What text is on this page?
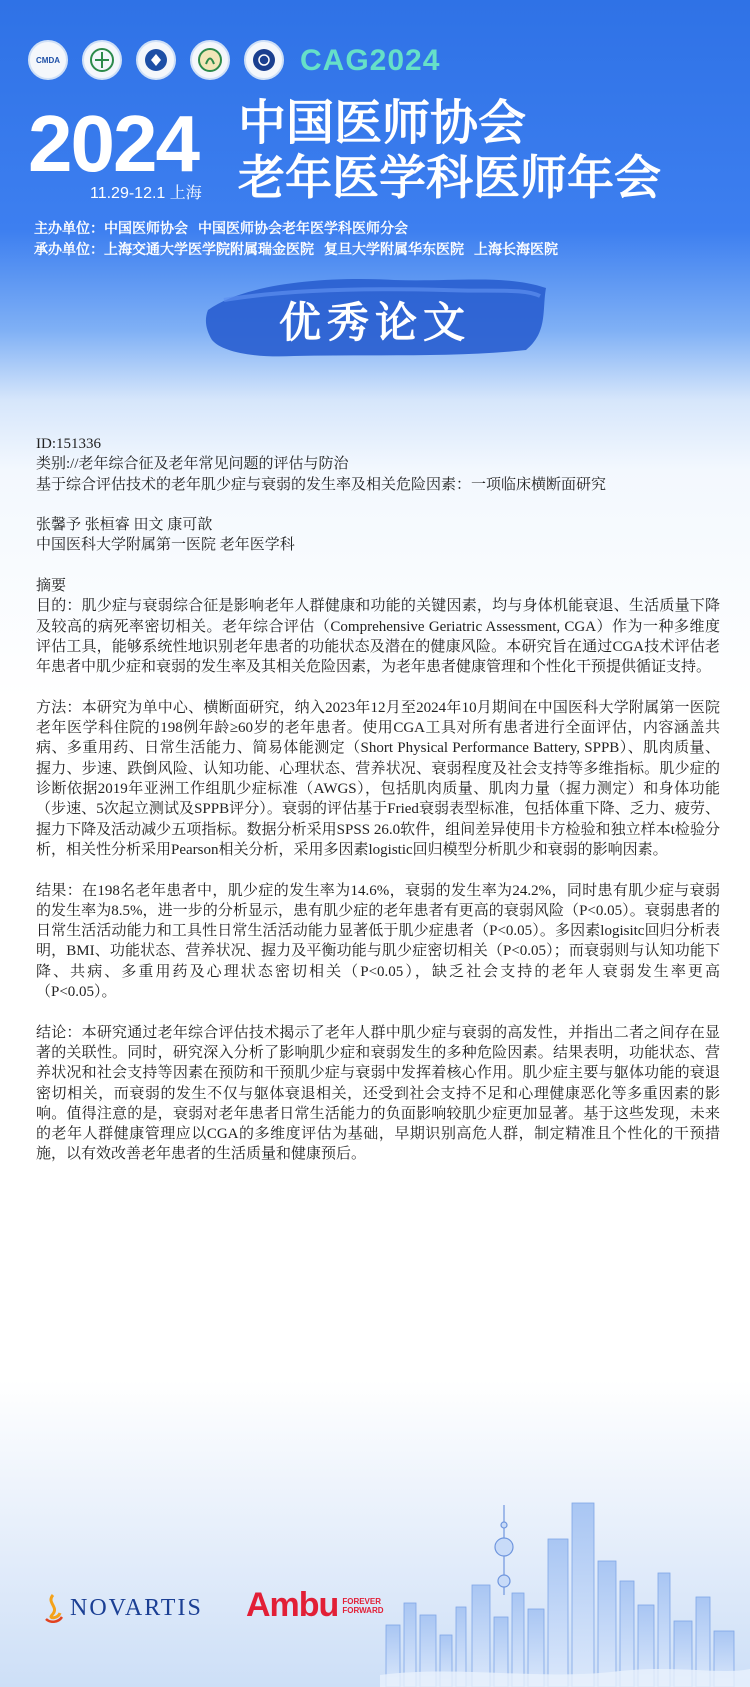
CMDA	CAG2024
2024
11.29-12.1 上海
中国医师协会
老年医学科医师年会
主办单位：中国医师协会 中国医师协会老年医学科医师分会
承办单位：上海交通大学医学院附属瑞金医院 复旦大学附属华东医院 上海长海医院
优秀论文

ID:151336

类别://老年综合征及老年常见问题的评估与防治

基于综合评估技术的老年肌少症与衰弱的发生率及相关危险因素：一项临床横断面研究

张馨予 张桓睿 田文 康可歆

中国医科大学附属第一医院 老年医学科

摘要

目的：肌少症与衰弱综合征是影响老年人群健康和功能的关键因素，均与身体机能衰退、生活质量下降及较高的病死率密切相关。老年综合评估（Comprehensive Geriatric Assessment, CGA）作为一种多维度评估工具，能够系统性地识别老年患者的功能状态及潜在的健康风险。本研究旨在通过CGA技术评估老年患者中肌少症和衰弱的发生率及其相关危险因素，为老年患者健康管理和个性化干预提供循证支持。

方法：本研究为单中心、横断面研究，纳入2023年12月至2024年10月期间在中国医科大学附属第一医院老年医学科住院的198例年龄≥60岁的老年患者。使用CGA工具对所有患者进行全面评估，内容涵盖共病、多重用药、日常生活能力、简易体能测定（Short Physical Performance Battery, SPPB）、肌肉质量、握力、步速、跌倒风险、认知功能、心理状态、营养状况、衰弱程度及社会支持等多维指标。肌少症的诊断依据2019年亚洲工作组肌少症标准（AWGS），包括肌肉质量、肌肉力量（握力测定）和身体功能（步速、5次起立测试及SPPB评分）。衰弱的评估基于Fried衰弱表型标准，包括体重下降、乏力、疲劳、握力下降及活动减少五项指标。数据分析采用SPSS 26.0软件，组间差异使用卡方检验和独立样本t检验分析，相关性分析采用Pearson相关分析，采用多因素logistic回归模型分析肌少和衰弱的影响因素。

结果：在198名老年患者中，肌少症的发生率为14.6%，衰弱的发生率为24.2%，同时患有肌少症与衰弱的发生率为8.5%，进一步的分析显示，患有肌少症的老年患者有更高的衰弱风险（P<0.05）。衰弱患者的日常生活活动能力和工具性日常生活活动能力显著低于肌少症患者（P<0.05）。多因素logisitc回归分析表明，BMI、功能状态、营养状况、握力及平衡功能与肌少症密切相关（P<0.05）；而衰弱则与认知功能下降、共病、多重用药及心理状态密切相关（P<0.05），缺乏社会支持的老年人衰弱发生率更高（P<0.05）。

结论：本研究通过老年综合评估技术揭示了老年人群中肌少症与衰弱的高发性，并指出二者之间存在显著的关联性。同时，研究深入分析了影响肌少症和衰弱发生的多种危险因素。结果表明，功能状态、营养状况和社会支持等因素在预防和干预肌少症与衰弱中发挥着核心作用。肌少症主要与躯体功能的衰退密切相关，而衰弱的发生不仅与躯体衰退相关，还受到社会支持不足和心理健康恶化等多重因素的影响。值得注意的是，衰弱对老年患者日常生活能力的负面影响较肌少症更加显著。基于这些发现，未来的老年人群健康管理应以CGA的多维度评估为基础，早期识别高危人群，制定精准且个性化的干预措施，以有效改善老年患者的生活质量和健康预后。

NOVARTIS Ambu FOREVER
FORWARD
